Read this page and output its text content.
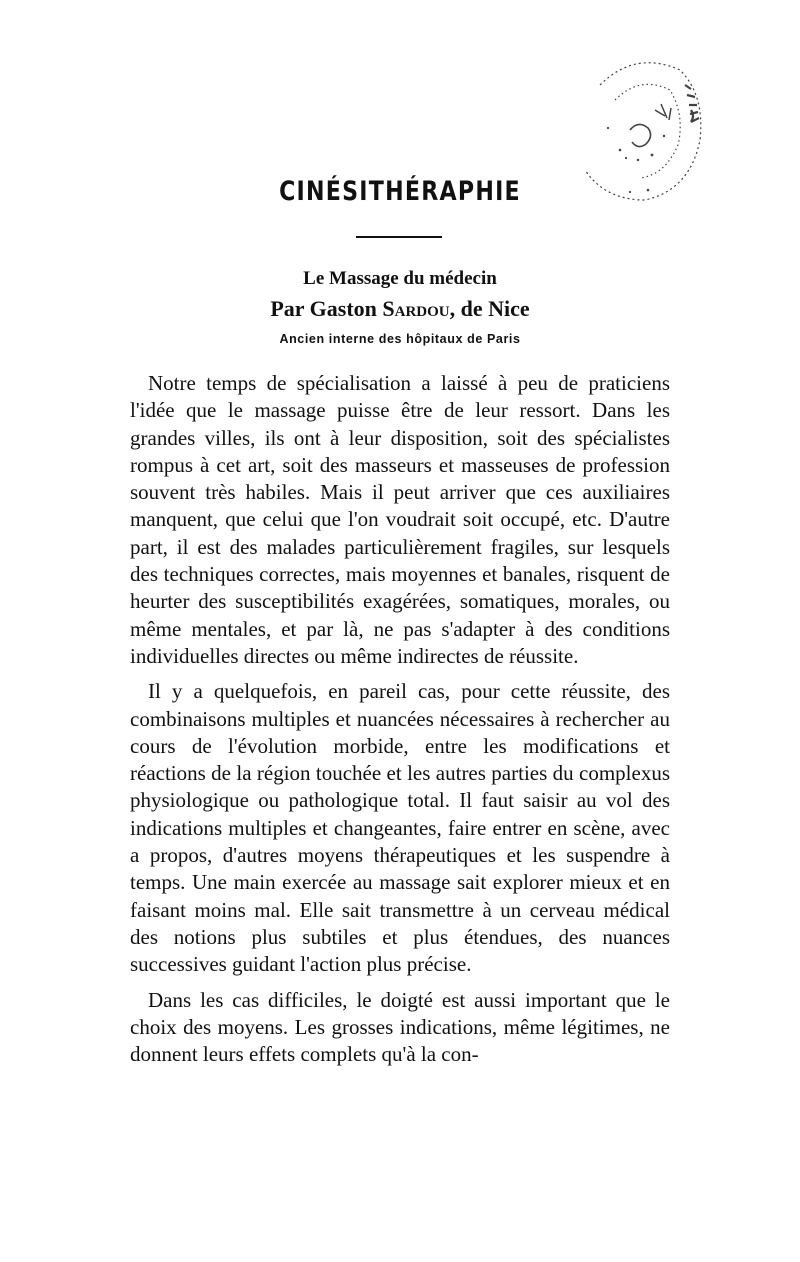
CINÉSITHÉRAPHIE
Le Massage du médecin
Par Gaston Sardou, de Nice
Ancien interne des hôpitaux de Paris

Notre temps de spécialisation a laissé à peu de praticiens l'idée que le massage puisse être de leur ressort. Dans les grandes villes, ils ont à leur disposition, soit des spécialistes rompus à cet art, soit des masseurs et masseuses de profession souvent très habiles. Mais il peut arriver que ces auxiliaires manquent, que celui que l'on voudrait soit occupé, etc. D'autre part, il est des malades particulièrement fragiles, sur lesquels des techniques correctes, mais moyennes et banales, risquent de heurter des susceptibilités exagérées, somatiques, morales, ou même mentales, et par là, ne pas s'adapter à des conditions individuelles directes ou même indirectes de réussite.

Il y a quelquefois, en pareil cas, pour cette réussite, des combinaisons multiples et nuancées nécessaires à rechercher au cours de l'évolution morbide, entre les modifications et réactions de la région touchée et les autres parties du complexus physiologique ou pathologique total. Il faut saisir au vol des indications multiples et changeantes, faire entrer en scène, avec a propos, d'autres moyens thérapeutiques et les suspendre à temps. Une main exercée au massage sait explorer mieux et en faisant moins mal. Elle sait transmettre à un cerveau médical des notions plus subtiles et plus étendues, des nuances successives guidant l'action plus précise.

Dans les cas difficiles, le doigté est aussi important que le choix des moyens. Les grosses indications, même légitimes, ne donnent leurs effets complets qu'à la con-
